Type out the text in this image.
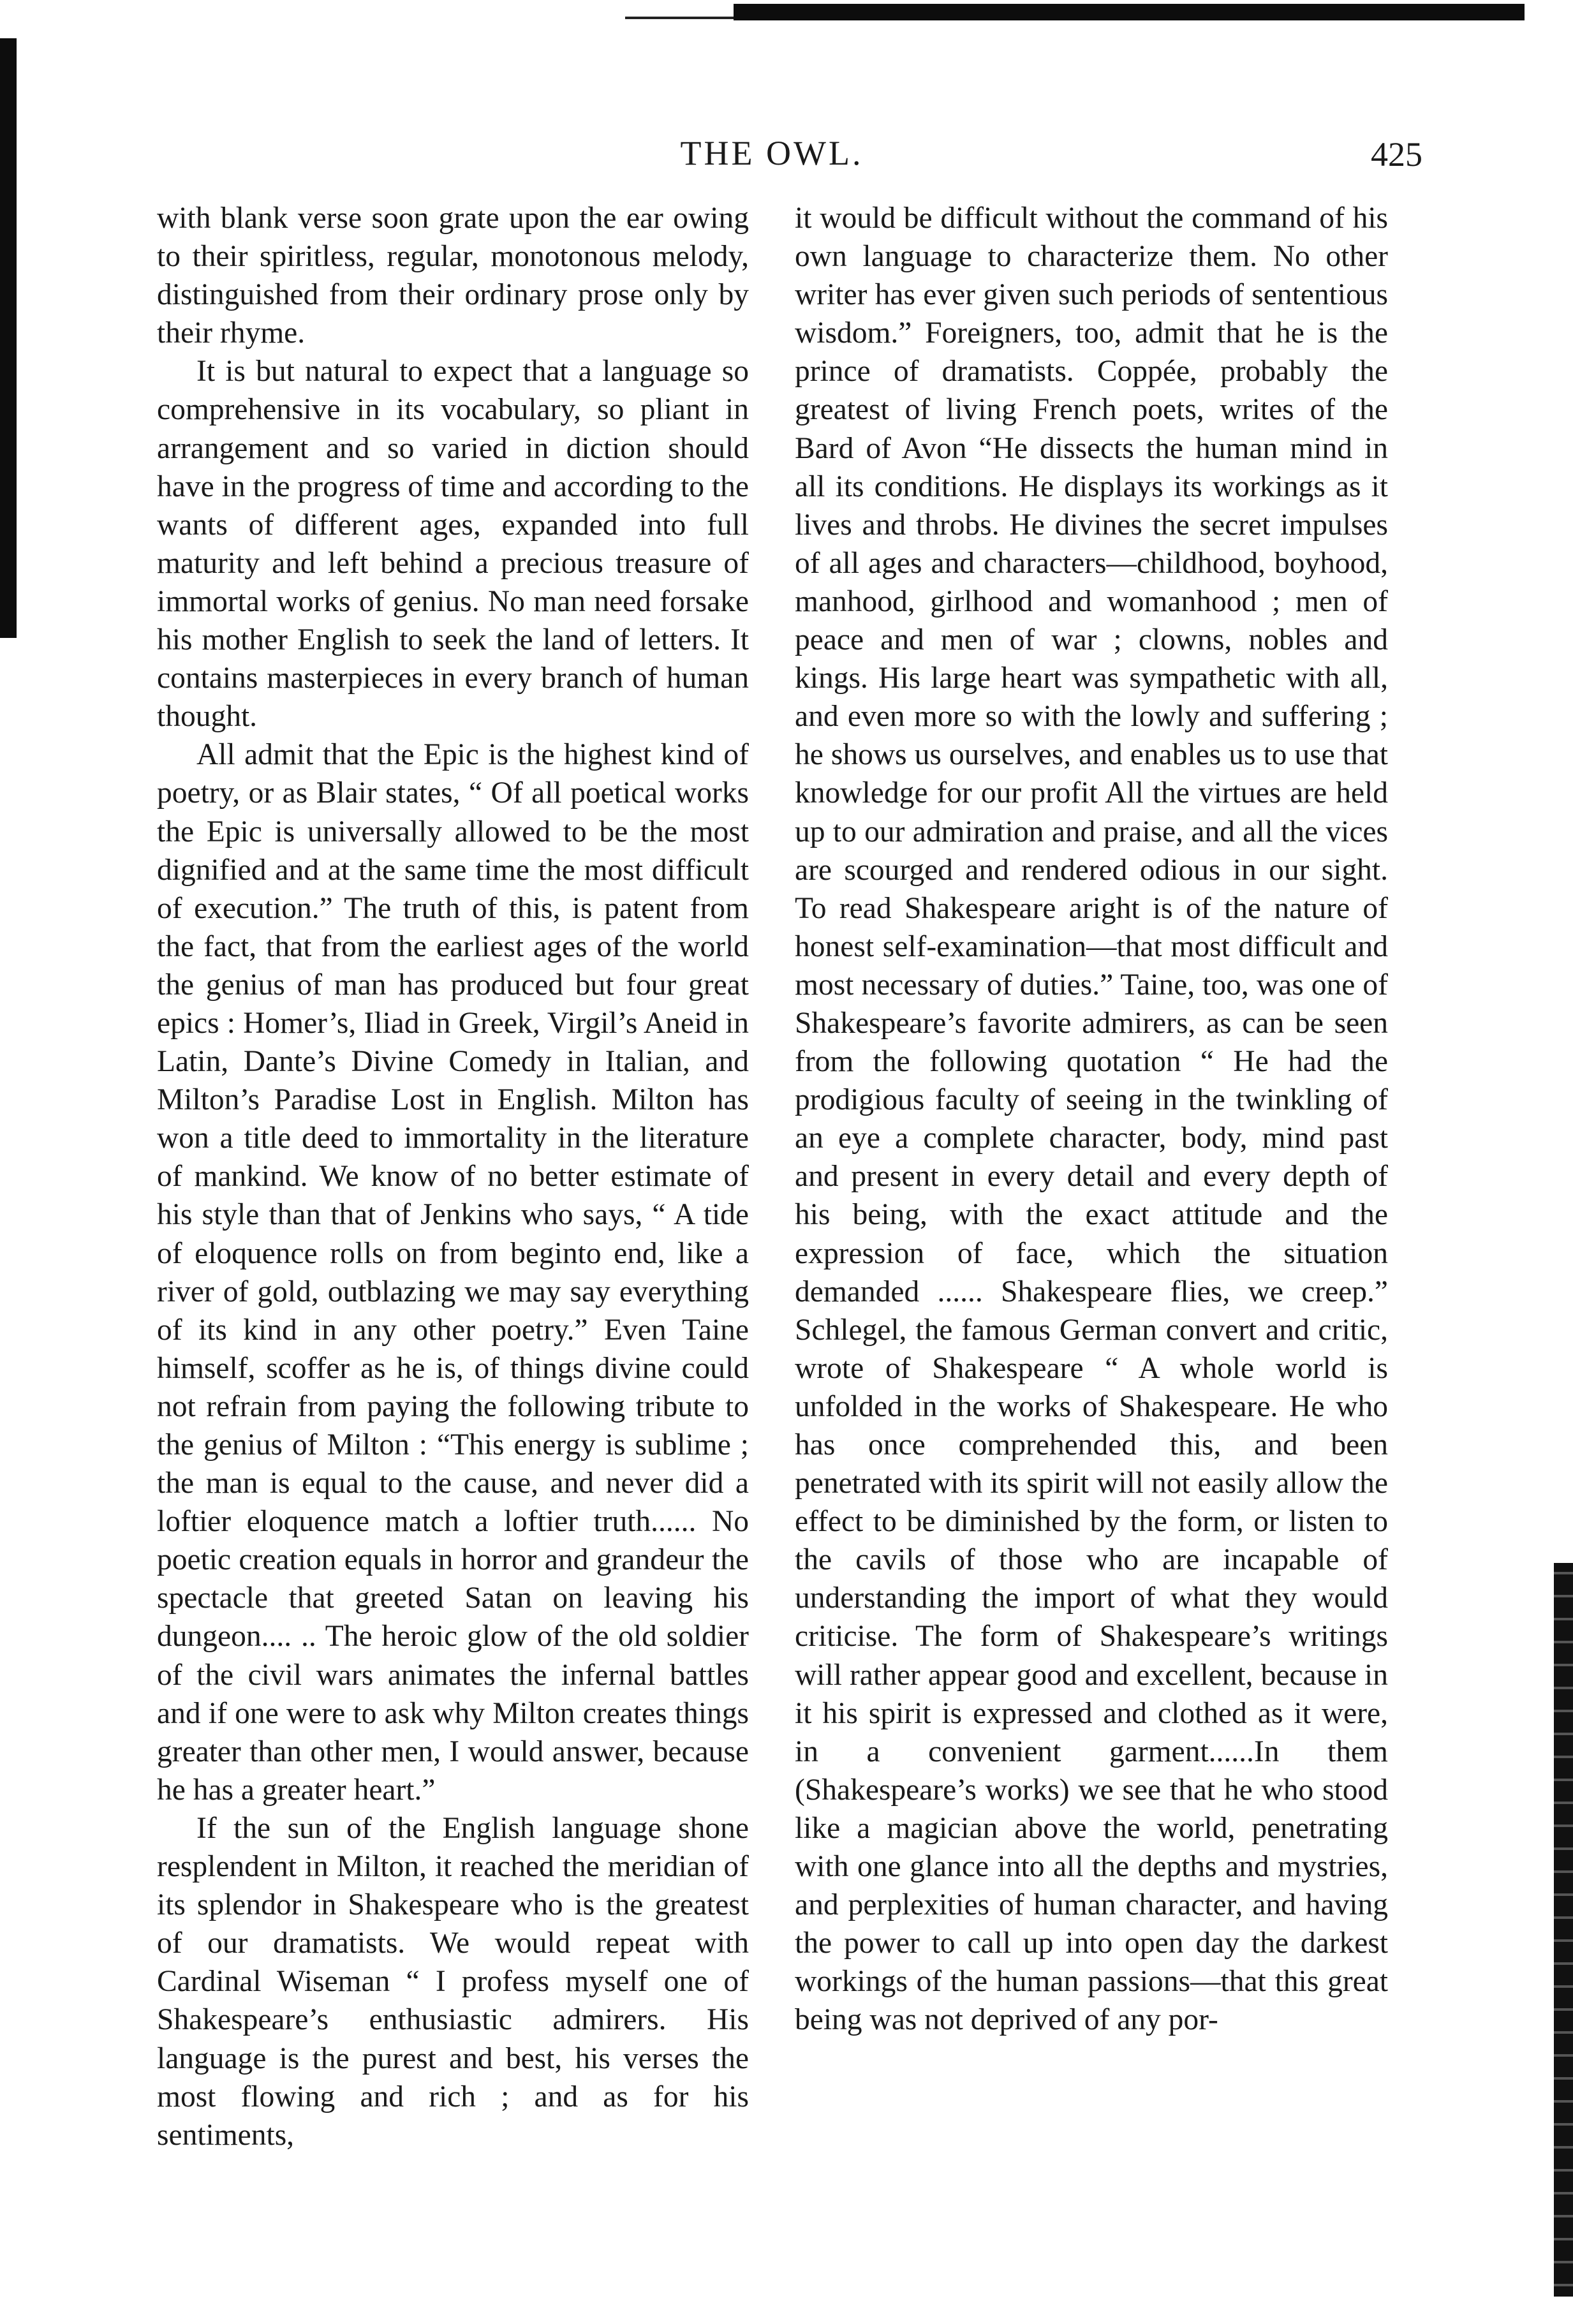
THE OWL.	425

with blank verse soon grate upon the ear owing to their spiritless, regular, monotonous melody, distinguished from their ordinary prose only by their rhyme.

It is but natural to expect that a language so comprehensive in its vocabulary, so pliant in arrangement and so varied in diction should have in the progress of time and according to the wants of different ages, expanded into full maturity and left behind a precious treasure of immortal works of genius. No man need forsake his mother English to seek the land of letters. It contains masterpieces in every branch of human thought.

All admit that the Epic is the highest kind of poetry, or as Blair states, “ Of all poetical works the Epic is universally allowed to be the most dignified and at the same time the most difficult of execution.” The truth of this, is patent from the fact, that from the earliest ages of the world the genius of man has produced but four great epics : Homer’s, Iliad in Greek, Virgil’s Aneid in Latin, Dante’s Divine Comedy in Italian, and Milton’s Paradise Lost in English. Milton has won a title deed to immortality in the literature of mankind. We know of no better estimate of his style than that of Jenkins who says, “ A tide of eloquence rolls on from beginto end, like a river of gold, outblazing we may say everything of its kind in any other poetry.” Even Taine himself, scoffer as he is, of things divine could not refrain from paying the following tribute to the genius of Milton : “This energy is sublime ; the man is equal to the cause, and never did a loftier eloquence match a loftier truth...... No poetic creation equals in horror and grandeur the spectacle that greeted Satan on leaving his dungeon.... .. The heroic glow of the old soldier of the civil wars animates the infernal battles and if one were to ask why Milton creates things greater than other men, I would answer, because he has a greater heart.”

If the sun of the English language shone resplendent in Milton, it reached the meridian of its splendor in Shakespeare who is the greatest of our dramatists. We would repeat with Cardinal Wiseman “ I profess myself one of Shakespeare’s enthusiastic admirers. His language is the purest and best, his verses the most flowing and rich ; and as for his sentiments,

it would be difficult without the command of his own language to characterize them. No other writer has ever given such periods of sententious wisdom.” Foreigners, too, admit that he is the prince of dramatists. Coppée, probably the greatest of living French poets, writes of the Bard of Avon “He dissects the human mind in all its conditions. He displays its workings as it lives and throbs. He divines the secret impulses of all ages and characters—childhood, boyhood, manhood, girlhood and womanhood ; men of peace and men of war ; clowns, nobles and kings. His large heart was sympathetic with all, and even more so with the lowly and suffering ; he shows us ourselves, and enables us to use that knowledge for our profit All the virtues are held up to our admiration and praise, and all the vices are scourged and rendered odious in our sight. To read Shakespeare aright is of the nature of honest self-examination—that most difficult and most necessary of duties.” Taine, too, was one of Shakespeare’s favorite admirers, as can be seen from the following quotation “ He had the prodigious faculty of seeing in the twinkling of an eye a complete character, body, mind past and present in every detail and every depth of his being, with the exact attitude and the expression of face, which the situation demanded ...... Shakespeare flies, we creep.” Schlegel, the famous German convert and critic, wrote of Shakespeare “ A whole world is unfolded in the works of Shakespeare. He who has once comprehended this, and been penetrated with its spirit will not easily allow the effect to be diminished by the form, or listen to the cavils of those who are incapable of understanding the import of what they would criticise. The form of Shakespeare’s writings will rather appear good and excellent, because in it his spirit is expressed and clothed as it were, in a convenient garment......In them (Shakespeare’s works) we see that he who stood like a magician above the world, penetrating with one glance into all the depths and mystries, and perplexities of human character, and having the power to call up into open day the darkest workings of the human passions—that this great being was not deprived of any por-
